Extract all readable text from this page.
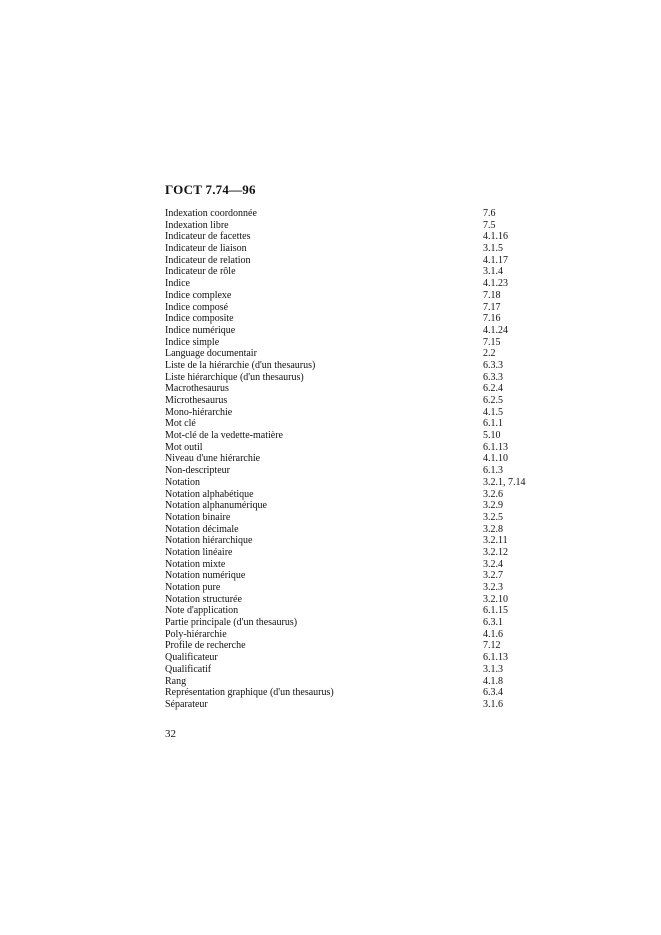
ГОСТ 7.74—96
Indexation coordonnée	7.6
Indexation libre	7.5
Indicateur de facettes	4.1.16
Indicateur de liaison	3.1.5
Indicateur de relation	4.1.17
Indicateur de rôle	3.1.4
Indice	4.1.23
Indice complexe	7.18
Indice composé	7.17
Indice composite	7.16
Indice numérique	4.1.24
Indice simple	7.15
Language documentair	2.2
Liste de la hiérarchie (d'un thesaurus)	6.3.3
Liste hiérarchique (d'un thesaurus)	6.3.3
Macrothesaurus	6.2.4
Microthesaurus	6.2.5
Mono-hiérarchie	4.1.5
Mot clé	6.1.1
Mot-clé de la vedette-matière	5.10
Mot outil	6.1.13
Niveau d'une hiérarchie	4.1.10
Non-descripteur	6.1.3
Notation	3.2.1, 7.14
Notation alphabétique	3.2.6
Notation alphanumérique	3.2.9
Notation binaire	3.2.5
Notation décimale	3.2.8
Notation hiérarchique	3.2.11
Notation linéaire	3.2.12
Notation mixte	3.2.4
Notation numérique	3.2.7
Notation pure	3.2.3
Notation structurée	3.2.10
Note d'application	6.1.15
Partie principale (d'un thesaurus)	6.3.1
Poly-hiérarchie	4.1.6
Profile de recherche	7.12
Qualificateur	6.1.13
Qualificatif	3.1.3
Rang	4.1.8
Représentation graphique (d'un thesaurus)	6.3.4
Séparateur	3.1.6
32
